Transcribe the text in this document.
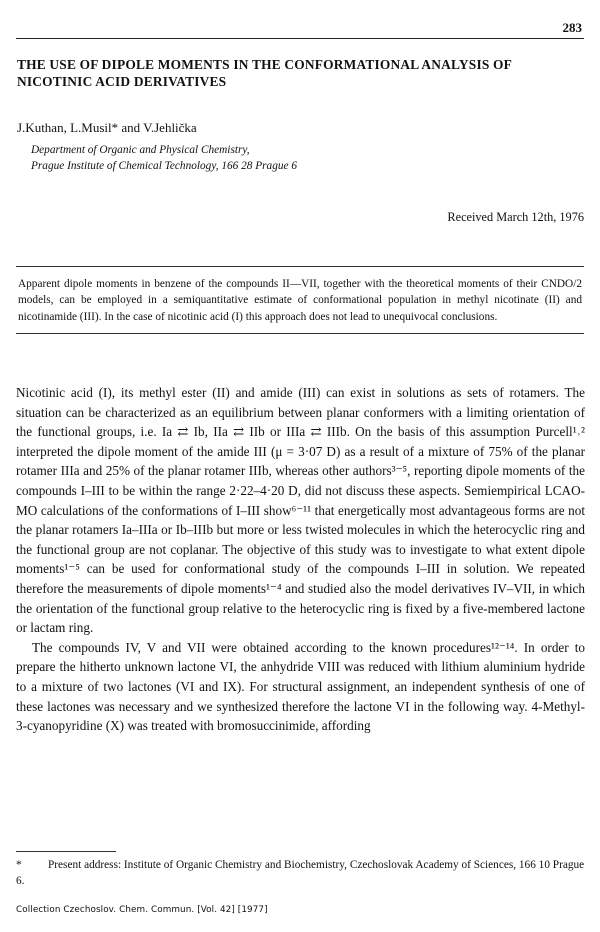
283
THE USE OF DIPOLE MOMENTS IN THE CONFORMATIONAL ANALYSIS OF NICOTINIC ACID DERIVATIVES
J.Kuthan, L.Musil* and V.Jehlička
Department of Organic and Physical Chemistry,
Prague Institute of Chemical Technology, 166 28 Prague 6
Received March 12th, 1976

Apparent dipole moments in benzene of the compounds II—VII, together with the theoretical moments of their CNDO/2 models, can be employed in a semiquantitative estimate of conformational population in methyl nicotinate (II) and nicotinamide (III). In the case of nicotinic acid (I) this approach does not lead to unequivocal conclusions.

Nicotinic acid (I), its methyl ester (II) and amide (III) can exist in solutions as sets of rotamers. The situation can be characterized as an equilibrium between planar conformers with a limiting orientation of the functional groups, i.e. Ia ⇄ Ib, IIa ⇄ IIb or IIIa ⇄ IIIb. On the basis of this assumption Purcell¹˒² interpreted the dipole moment of the amide III (μ = 3·07 D) as a result of a mixture of 75% of the planar rotamer IIIa and 25% of the planar rotamer IIIb, whereas other authors³⁻⁵, reporting dipole moments of the compounds I–III to be within the range 2·22–4·20 D, did not discuss these aspects. Semiempirical LCAO-MO calculations of the conformations of I–III show⁶⁻¹¹ that energetically most advantageous forms are not the planar rotamers Ia–IIIa or Ib–IIIb but more or less twisted molecules in which the heterocyclic ring and the functional group are not coplanar. The objective of this study was to investigate to what extent dipole moments¹⁻⁵ can be used for conformational study of the compounds I–III in solution. We repeated therefore the measurements of dipole moments¹⁻⁴ and studied also the model derivatives IV–VII, in which the orientation of the functional group relative to the heterocyclic ring is fixed by a five-membered lactone or lactam ring.

The compounds IV, V and VII were obtained according to the known procedures¹²⁻¹⁴. In order to prepare the hitherto unknown lactone VI, the anhydride VIII was reduced with lithium aluminium hydride to a mixture of two lactones (VI and IX). For structural assignment, an independent synthesis of one of these lactones was necessary and we synthesized therefore the lactone VI in the following way. 4-Methyl-3-cyanopyridine (X) was treated with bromosuccinimide, affording

* Present address: Institute of Organic Chemistry and Biochemistry, Czechoslovak Academy of Sciences, 166 10 Prague 6.

Collection Czechoslov. Chem. Commun. [Vol. 42] [1977]
